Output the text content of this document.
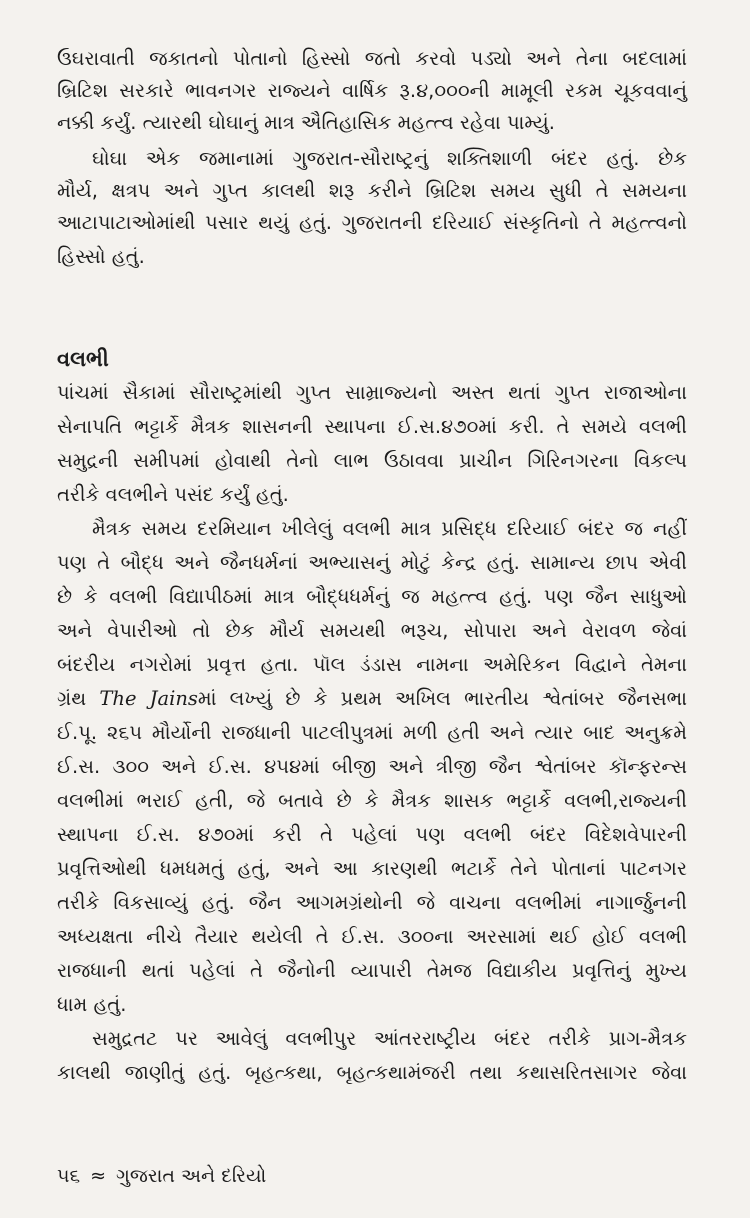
ઉઘરાવાતી જકાતનો પોતાનો હિસ્સો જતો કરવો પડ્યો અને તેના બદલામાં
બ્રિટિશ સરકારે ભાવનગર રાજ્યને વાર્ષિક રૂ.૪,૦૦૦ની મામૂલી રકમ ચૂકવવાનું
નક્કી કર્યું. ત્યારથી ઘોઘાનું માત્ર ઐતિહાસિક મહત્ત્વ રહેવા પામ્યું.
ઘોઘા એક જમાનામાં ગુજરાત-સૌરાષ્ટ્રનું શક્તિશાળી બંદર હતું. છેક
મૌર્ય, ક્ષત્રપ અને ગુપ્ત કાલથી શરૂ કરીને બ્રિટિશ સમય સુધી તે સમયના
આટાપાટાઓમાંથી પસાર થયું હતું. ગુજરાતની દરિયાઈ સંસ્કૃતિનો તે મહત્ત્વનો
હિસ્સો હતું.
વલભી
પાંચમાં સૈકામાં સૌરાષ્ટ્રમાંથી ગુપ્ત સામ્રાજ્યનો અસ્ત થતાં ગુપ્ત રાજાઓના
સેનાપતિ ભટ્ટાર્કે મૈત્રક શાસનની સ્થાપના ઈ.સ.૪૭૦માં કરી. તે સમયે વલભી
સમુદ્રની સમીપમાં હોવાથી તેનો લાભ ઉઠાવવા પ્રાચીન ગિરિનગરના વિકલ્પ
તરીકે વલભીને પસંદ કર્યું હતું.
મૈત્રક સમય દરમિયાન ખીલેલું વલભી માત્ર પ્રસિદ્ધ દરિયાઈ બંદર જ નહીં
પણ તે બૌદ્ધ અને જૈનધર્મનાં અભ્યાસનું મોટું કેન્દ્ર હતું. સામાન્ય છાપ એવી
છે કે વલભી વિદ્યાપીઠમાં માત્ર બૌદ્ધધર્મનું જ મહત્ત્વ હતું. પણ જૈન સાધુઓ
અને વેપારીઓ તો છેક મૌર્ય સમયથી ભરૂચ, સોપારા અને વેરાવળ જેવાં
બંદરીય નગરોમાં પ્રવૃત્ત હતા. પૉલ ડંડાસ નામના અમેરિકન વિદ્વાને તેમના
ગ્રંથ The Jainsમાં લખ્યું છે કે પ્રથમ અખિલ ભારતીય શ્વેતાંબર જૈનસભા
ઈ.પૂ. ૨૬૫ મૌર્યોની રાજધાની પાટલીપુત્રમાં મળી હતી અને ત્યાર બાદ અનુક્રમે
ઈ.સ. ૩૦૦ અને ઈ.સ. ૪૫૪માં બીજી અને ત્રીજી જૈન શ્વેતાંબર કૉન્ફરન્સ
વલભીમાં ભરાઈ હતી, જે બતાવે છે કે મૈત્રક શાસક ભટ્ટાર્કે વલભી,રાજ્યની
સ્થાપના ઈ.સ. ૪૭૦માં કરી તે પહેલાં પણ વલભી બંદર વિદેશવેપારની
પ્રવૃત્તિઓથી ધમધમતું હતું, અને આ કારણથી ભટાર્કે તેને પોતાનાં પાટનગર
તરીકે વિકસાવ્યું હતું. જૈન આગમગ્રંથોની જે વાચના વલભીમાં નાગાર્જુનની
અધ્યક્ષતા નીચે તૈયાર થયેલી તે ઈ.સ. ૩૦૦ના અરસામાં થઈ હોઈ વલભી
રાજધાની થતાં પહેલાં તે જૈનોની વ્યાપારી તેમજ વિદ્યાકીય પ્રવૃત્તિનું મુખ્ય
ધામ હતું.
સમુદ્રતટ પર આવેલું વલભીપુર આંતરરાષ્ટ્રીય બંદર તરીકે પ્રાગ-મૈત્રક
કાલથી જાણીતું હતું. બૃહત્કથા, બૃહત્કથામંજરી તથા કથાસરિતસાગર જેવા
૫૬ ≈ ગુજરાત અને દરિયો
